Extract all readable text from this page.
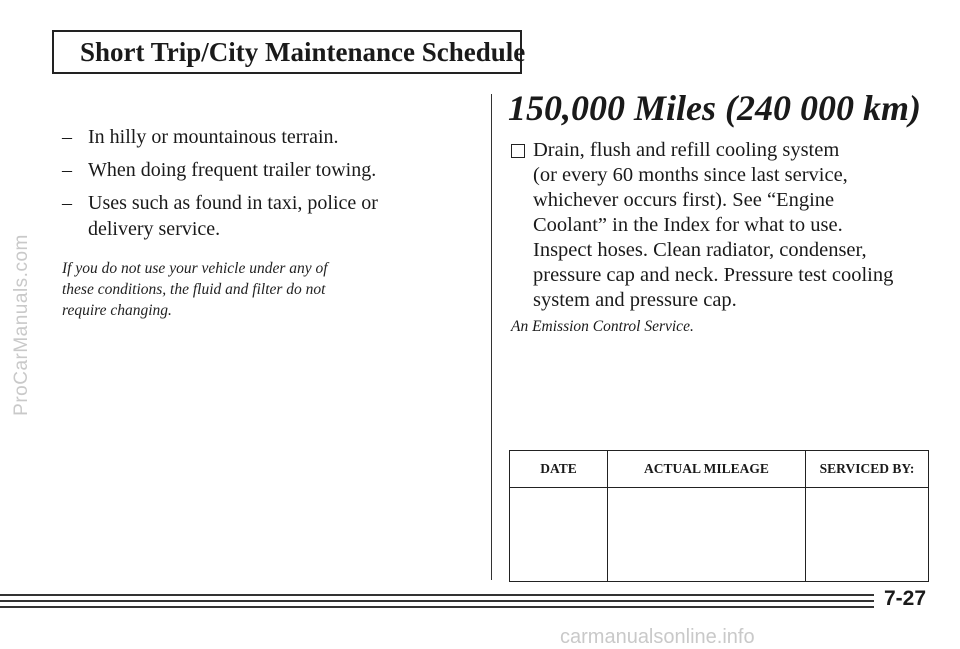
ProCarManuals.com
Short Trip/City Maintenance Schedule
– In hilly or mountainous terrain.
– When doing frequent trailer towing.
– Uses such as found in taxi, police or
delivery service.
If you do not use your vehicle under any of
these conditions, the fluid and filter do not
require changing.
150,000 Miles (240 000 km)
Drain, flush and refill cooling system
(or every 60 months since last service,
whichever occurs first). See “Engine
Coolant” in the Index for what to use.
Inspect hoses. Clean radiator, condenser,
pressure cap and neck. Pressure test cooling
system and pressure cap.
An Emission Control Service.
DATE	ACTUAL MILEAGE	SERVICED BY:

7-27
carmanualsonline.info
